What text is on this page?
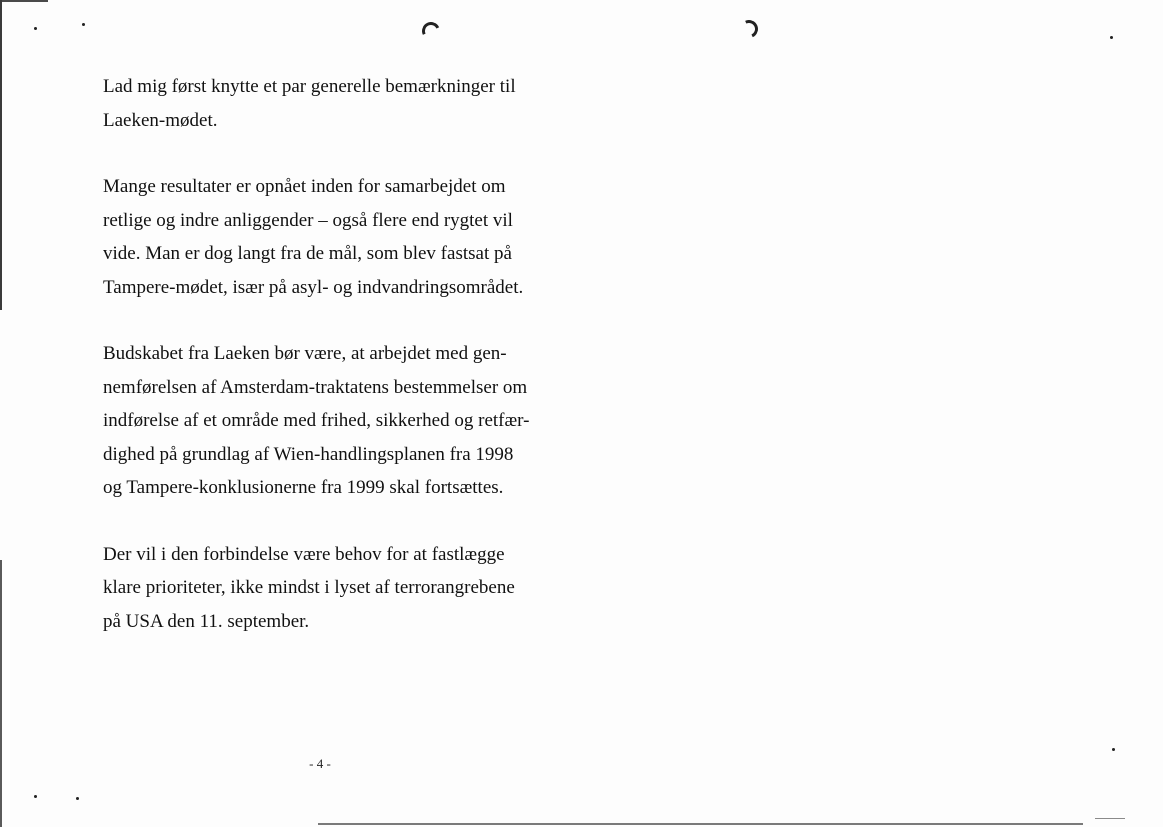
Lad mig først knytte et par generelle bemærkninger til
Laeken-mødet.

Mange resultater er opnået inden for samarbejdet om
retlige og indre anliggender – også flere end rygtet vil
vide. Man er dog langt fra de mål, som blev fastsat på
Tampere-mødet, især på asyl- og indvandringsområdet.

Budskabet fra Laeken bør være, at arbejdet med gen-
nemførelsen af Amsterdam-traktatens bestemmelser om
indførelse af et område med frihed, sikkerhed og retfær-
dighed på grundlag af Wien-handlingsplanen fra 1998
og Tampere-konklusionerne fra 1999 skal fortsættes.

Der vil i den forbindelse være behov for at fastlægge
klare prioriteter, ikke mindst i lyset af terrorangrebene
på USA den 11. september.

- 4 -
